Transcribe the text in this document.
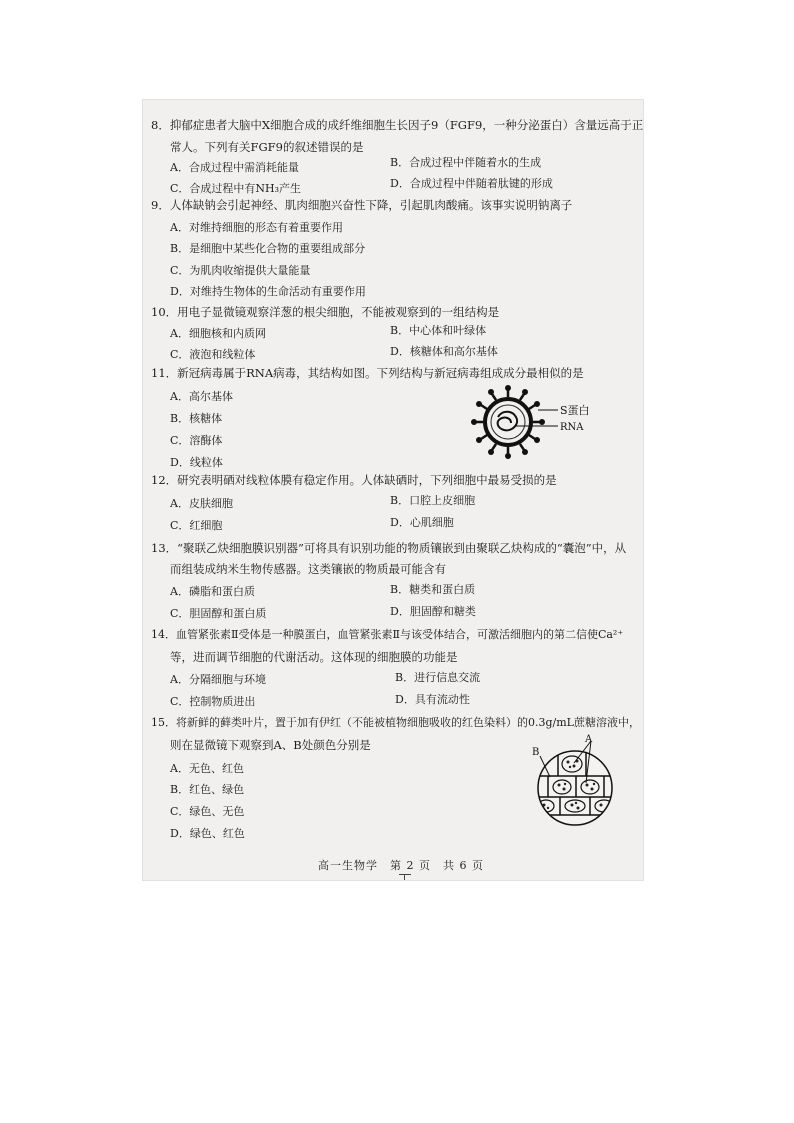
8．抑郁症患者大脑中X细胞合成的成纤维细胞生长因子9（FGF9，一种分泌蛋白）含量远高于正
常人。下列有关FGF9的叙述错误的是
A．合成过程中需消耗能量	B．合成过程中伴随着水的生成
C．合成过程中有NH₃产生	D．合成过程中伴随着肽键的形成
9．人体缺钠会引起神经、肌肉细胞兴奋性下降，引起肌肉酸痛。该事实说明钠离子
A．对维持细胞的形态有着重要作用
B．是细胞中某些化合物的重要组成部分
C．为肌肉收缩提供大量能量
D．对维持生物体的生命活动有重要作用
10．用电子显微镜观察洋葱的根尖细胞，不能被观察到的一组结构是
A．细胞核和内质网	B．中心体和叶绿体
C．液泡和线粒体	D．核糖体和高尔基体
11．新冠病毒属于RNA病毒，其结构如图。下列结构与新冠病毒组成成分最相似的是
A．高尔基体
B．核糖体
C．溶酶体
D．线粒体
S蛋白
RNA
12．研究表明硒对线粒体膜有稳定作用。人体缺硒时，下列细胞中最易受损的是
A．皮肤细胞	B．口腔上皮细胞
C．红细胞	D．心肌细胞
13．“聚联乙炔细胞膜识别器”可将具有识别功能的物质镶嵌到由聚联乙炔构成的“囊泡”中，从
而组装成纳米生物传感器。这类镶嵌的物质最可能含有
A．磷脂和蛋白质	B．糖类和蛋白质
C．胆固醇和蛋白质	D．胆固醇和糖类
14．血管紧张素Ⅱ受体是一种膜蛋白，血管紧张素Ⅱ与该受体结合，可激活细胞内的第二信使Ca²⁺
等，进而调节细胞的代谢活动。这体现的细胞膜的功能是
A．分隔细胞与环境	B．进行信息交流
C．控制物质进出	D．具有流动性
15．将新鲜的藓类叶片，置于加有伊红（不能被植物细胞吸收的红色染料）的0.3g/mL蔗糖溶液中，
则在显微镜下观察到A、B处颜色分别是
A．无色、红色
B．红色、绿色
C．绿色、无色
D．绿色、红色
B
A
高一生物学　第 2 页　共 6 页
